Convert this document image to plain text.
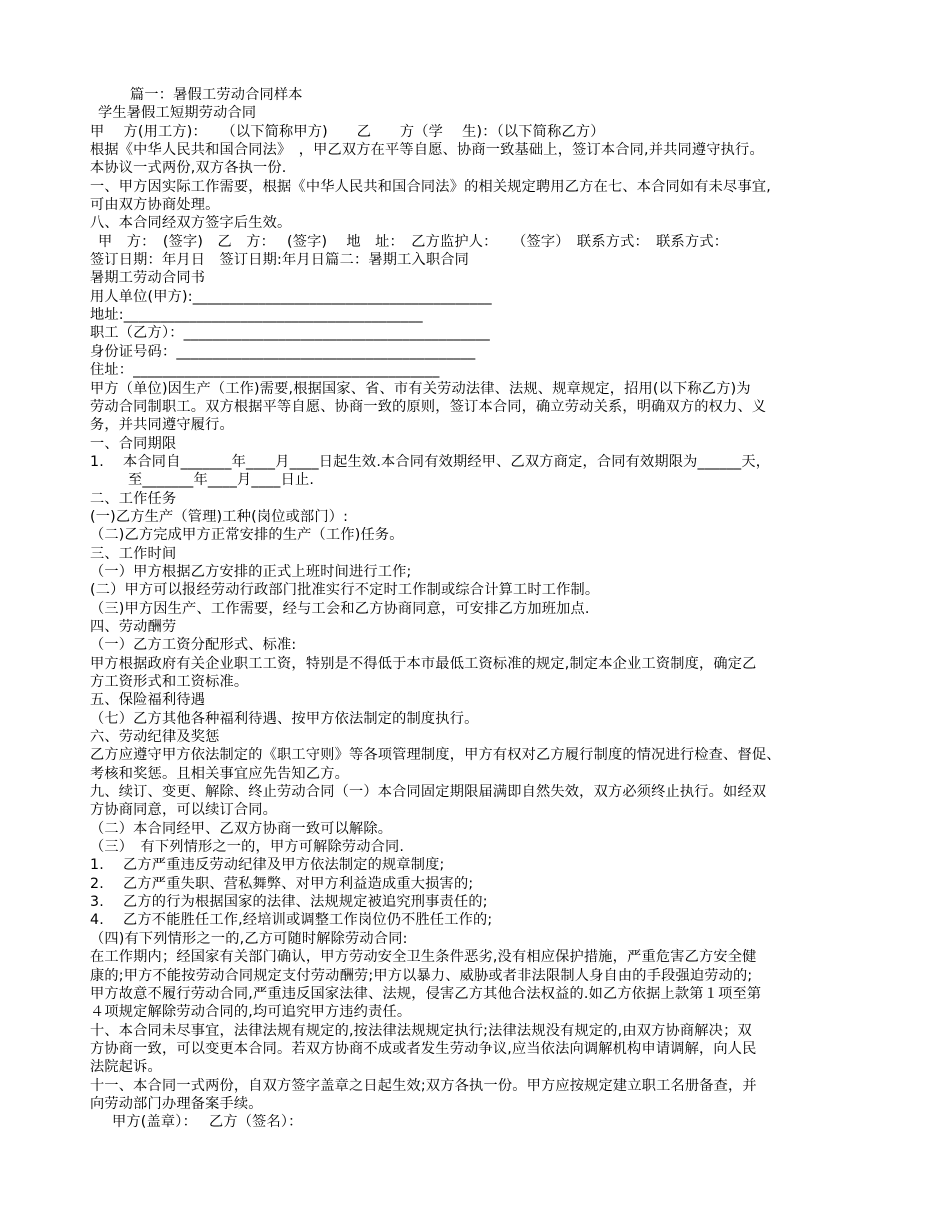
篇一：暑假工劳动合同样本

学生暑假工短期劳动合同

甲　 方(用工方)：　　（以下简称甲方)　　乙　　方（学　 生)：（以下简称乙方）

根据《中华人民共和国合同法》　，甲乙双方在平等自愿、协商一致基础上，签订本合同,并共同遵守执行。

本协议一式两份,双方各执一份.

一、甲方因实际工作需要，根据《中华人民共和国合同法》的相关规定聘用乙方在七、本合同如有未尽事宜,

可由双方协商处理。

八、本合同经双方签字后生效。

甲　方：　(签字)　乙　方：　 (签字)　 地　址：　乙方监护人：　　（签字）　联系方式：　联系方式：

签订日期：年月日　签订日期:年月日篇二：暑期工入职合同

暑期工劳动合同书

用人单位(甲方):_________________________________________

地址:_________________________________________

职工（乙方）：__________________________________________

身份证号码：_________________________________________

住址：__________________________________________

甲方（单位)因生产（工作)需要,根据国家、省、市有关劳动法律、法规、规章规定，招用(以下称乙方)为

劳动合同制职工。双方根据平等自愿、协商一致的原则，签订本合同，确立劳动关系，明确双方的权力、义

务，并共同遵守履行。

一、合同期限

1.　 本合同自_______年____月____日起生效.本合同有效期经甲、乙双方商定，合同有效期限为______天，

至_______年____月____日止.

二、工作任务

(一)乙方生产（管理)工种(岗位或部门）:

（二)乙方完成甲方正常安排的生产（工作)任务。

三、工作时间

（一）甲方根据乙方安排的正式上班时间进行工作;

(二）甲方可以报经劳动行政部门批准实行不定时工作制或综合计算工时工作制。

（三)甲方因生产、工作需要，经与工会和乙方协商同意，可安排乙方加班加点.

四、劳动酬劳

（一）乙方工资分配形式、标准:

甲方根据政府有关企业职工工资，特别是不得低于本市最低工资标准的规定,制定本企业工资制度，确定乙

方工资形式和工资标准。

五、保险福利待遇

（七）乙方其他各种福利待遇、按甲方依法制定的制度执行。

六、劳动纪律及奖惩

乙方应遵守甲方依法制定的《职工守则》等各项管理制度，甲方有权对乙方履行制度的情况进行检查、督促、

考核和奖惩。且相关事宜应先告知乙方。

九、续订、变更、解除、终止劳动合同（一）本合同固定期限届满即自然失效，双方必须终止执行。如经双

方协商同意，可以续订合同。

（二）本合同经甲、乙双方协商一致可以解除。

（三）　有下列情形之一的，甲方可解除劳动合同.

1.　 乙方严重违反劳动纪律及甲方依法制定的规章制度;

2.　 乙方严重失职、营私舞弊、对甲方利益造成重大损害的;

3.　 乙方的行为根据国家的法律、法规规定被追究刑事责任的;

4.　 乙方不能胜任工作,经培训或调整工作岗位仍不胜任工作的;

（四)有下列情形之一的,乙方可随时解除劳动合同:

在工作期内；经国家有关部门确认，甲方劳动安全卫生条件恶劣,没有相应保护措施，严重危害乙方安全健

康的;甲方不能按劳动合同规定支付劳动酬劳;甲方以暴力、威胁或者非法限制人身自由的手段强迫劳动的;

甲方故意不履行劳动合同,严重违反国家法律、法规，侵害乙方其他合法权益的.如乙方依据上款第１项至第

４项规定解除劳动合同的,均可追究甲方违约责任。

十、本合同未尽事宜，法律法规有规定的,按法律法规规定执行;法律法规没有规定的,由双方协商解决；双

方协商一致，可以变更本合同。若双方协商不成或者发生劳动争议,应当依法向调解机构申请调解，向人民

法院起诉。

十一、本合同一式两份，自双方签字盖章之日起生效;双方各执一份。甲方应按规定建立职工名册备查，并

向劳动部门办理备案手续。

甲方(盖章）：　 乙方（签名）：
